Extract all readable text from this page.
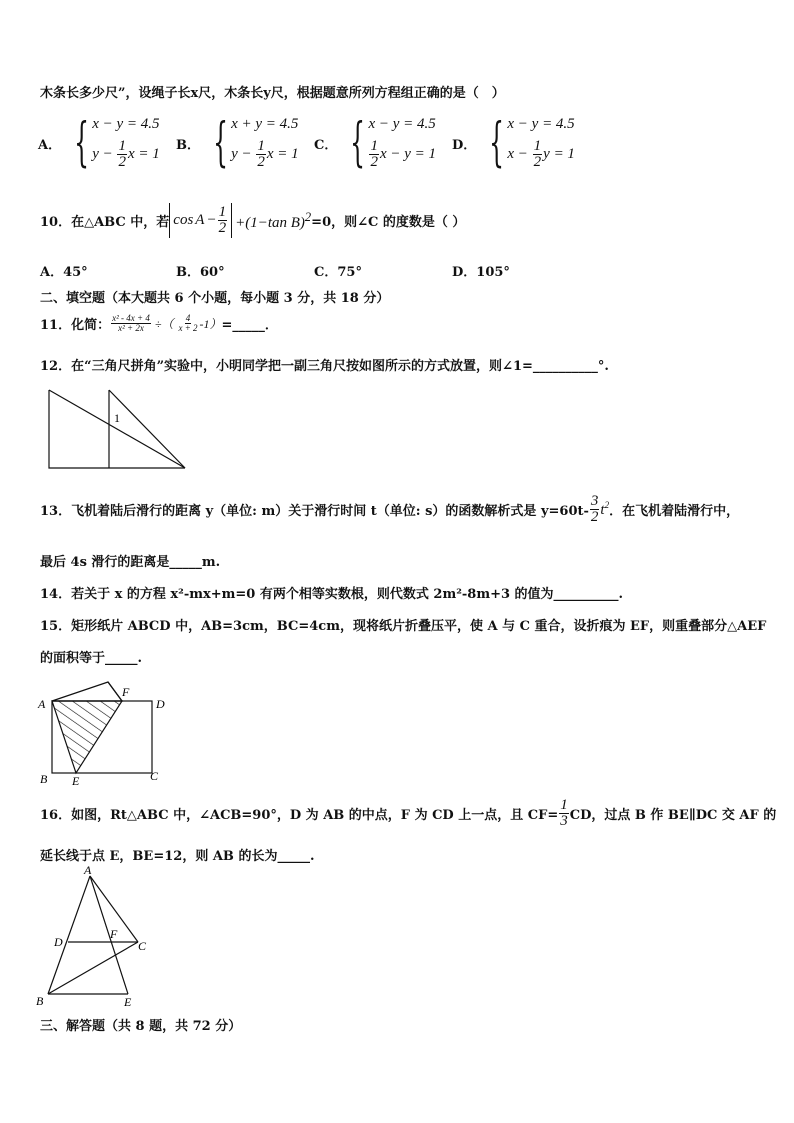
木条长多少尺”，设绳子长x尺，木条长y尺，根据题意所列方程组正确的是（　）
A． { x − y = 4.5
$y - \frac{1}{2}$ x = 1
B． { x + y = 4.5
$y - \frac{1}{2}$ x = 1
C． { x − y = 4.5
$\frac{1}{2}$ x − y = 1
D． { x − y = 4.5
$x - \frac{1}{2}$ y = 1
10．在△ABC 中，若 $\cos A - \frac{1}{2} +(1-\tan$ B)$^2$ =0，则∠C 的度数是（ ）
A．45°	B．60°	C．75°	D．105°
二、填空题（本大题共 6 个小题，每小题 3 分，共 18 分）
11．化简： $\frac{\text{x² - 4x + 4}}{\text{x² + 2x}}$ ÷（ $\frac{4}{x + 2} -1$） =_____．
12．在“三角尺拼角”实验中，小明同学把一副三角尺按如图所示的方式放置，则∠1=__________°.
1
13．飞机着陆后滑行的距离 y（单位: m）关于滑行时间 t（单位: s）的函数解析式是 $y=60t- \frac{3}{2} t^2$ ．在飞机着陆滑行中，
最后 4s 滑行的距离是_____m.
14．若关于 x 的方程 x²-mx+m=0 有两个相等实数根，则代数式 2m²-8m+3 的值为__________.
15．矩形纸片 ABCD 中，AB=3cm，BC=4cm，现将纸片折叠压平，使 A 与 C 重合，设折痕为 EF，则重叠部分△AEF
的面积等于_____.
A
F
D
B E	C
16．如图，Rt△ABC 中，∠ACB=90°，D 为 AB 的中点，F 为 CD 上一点，且 $CF= \frac{1}{3}$ CD，过点 B 作 BE∥DC 交 AF 的
延长线于点 E，BE=12，则 AB 的长为_____.
A
D
F
C
B	E
三、解答题（共 8 题，共 72 分）
